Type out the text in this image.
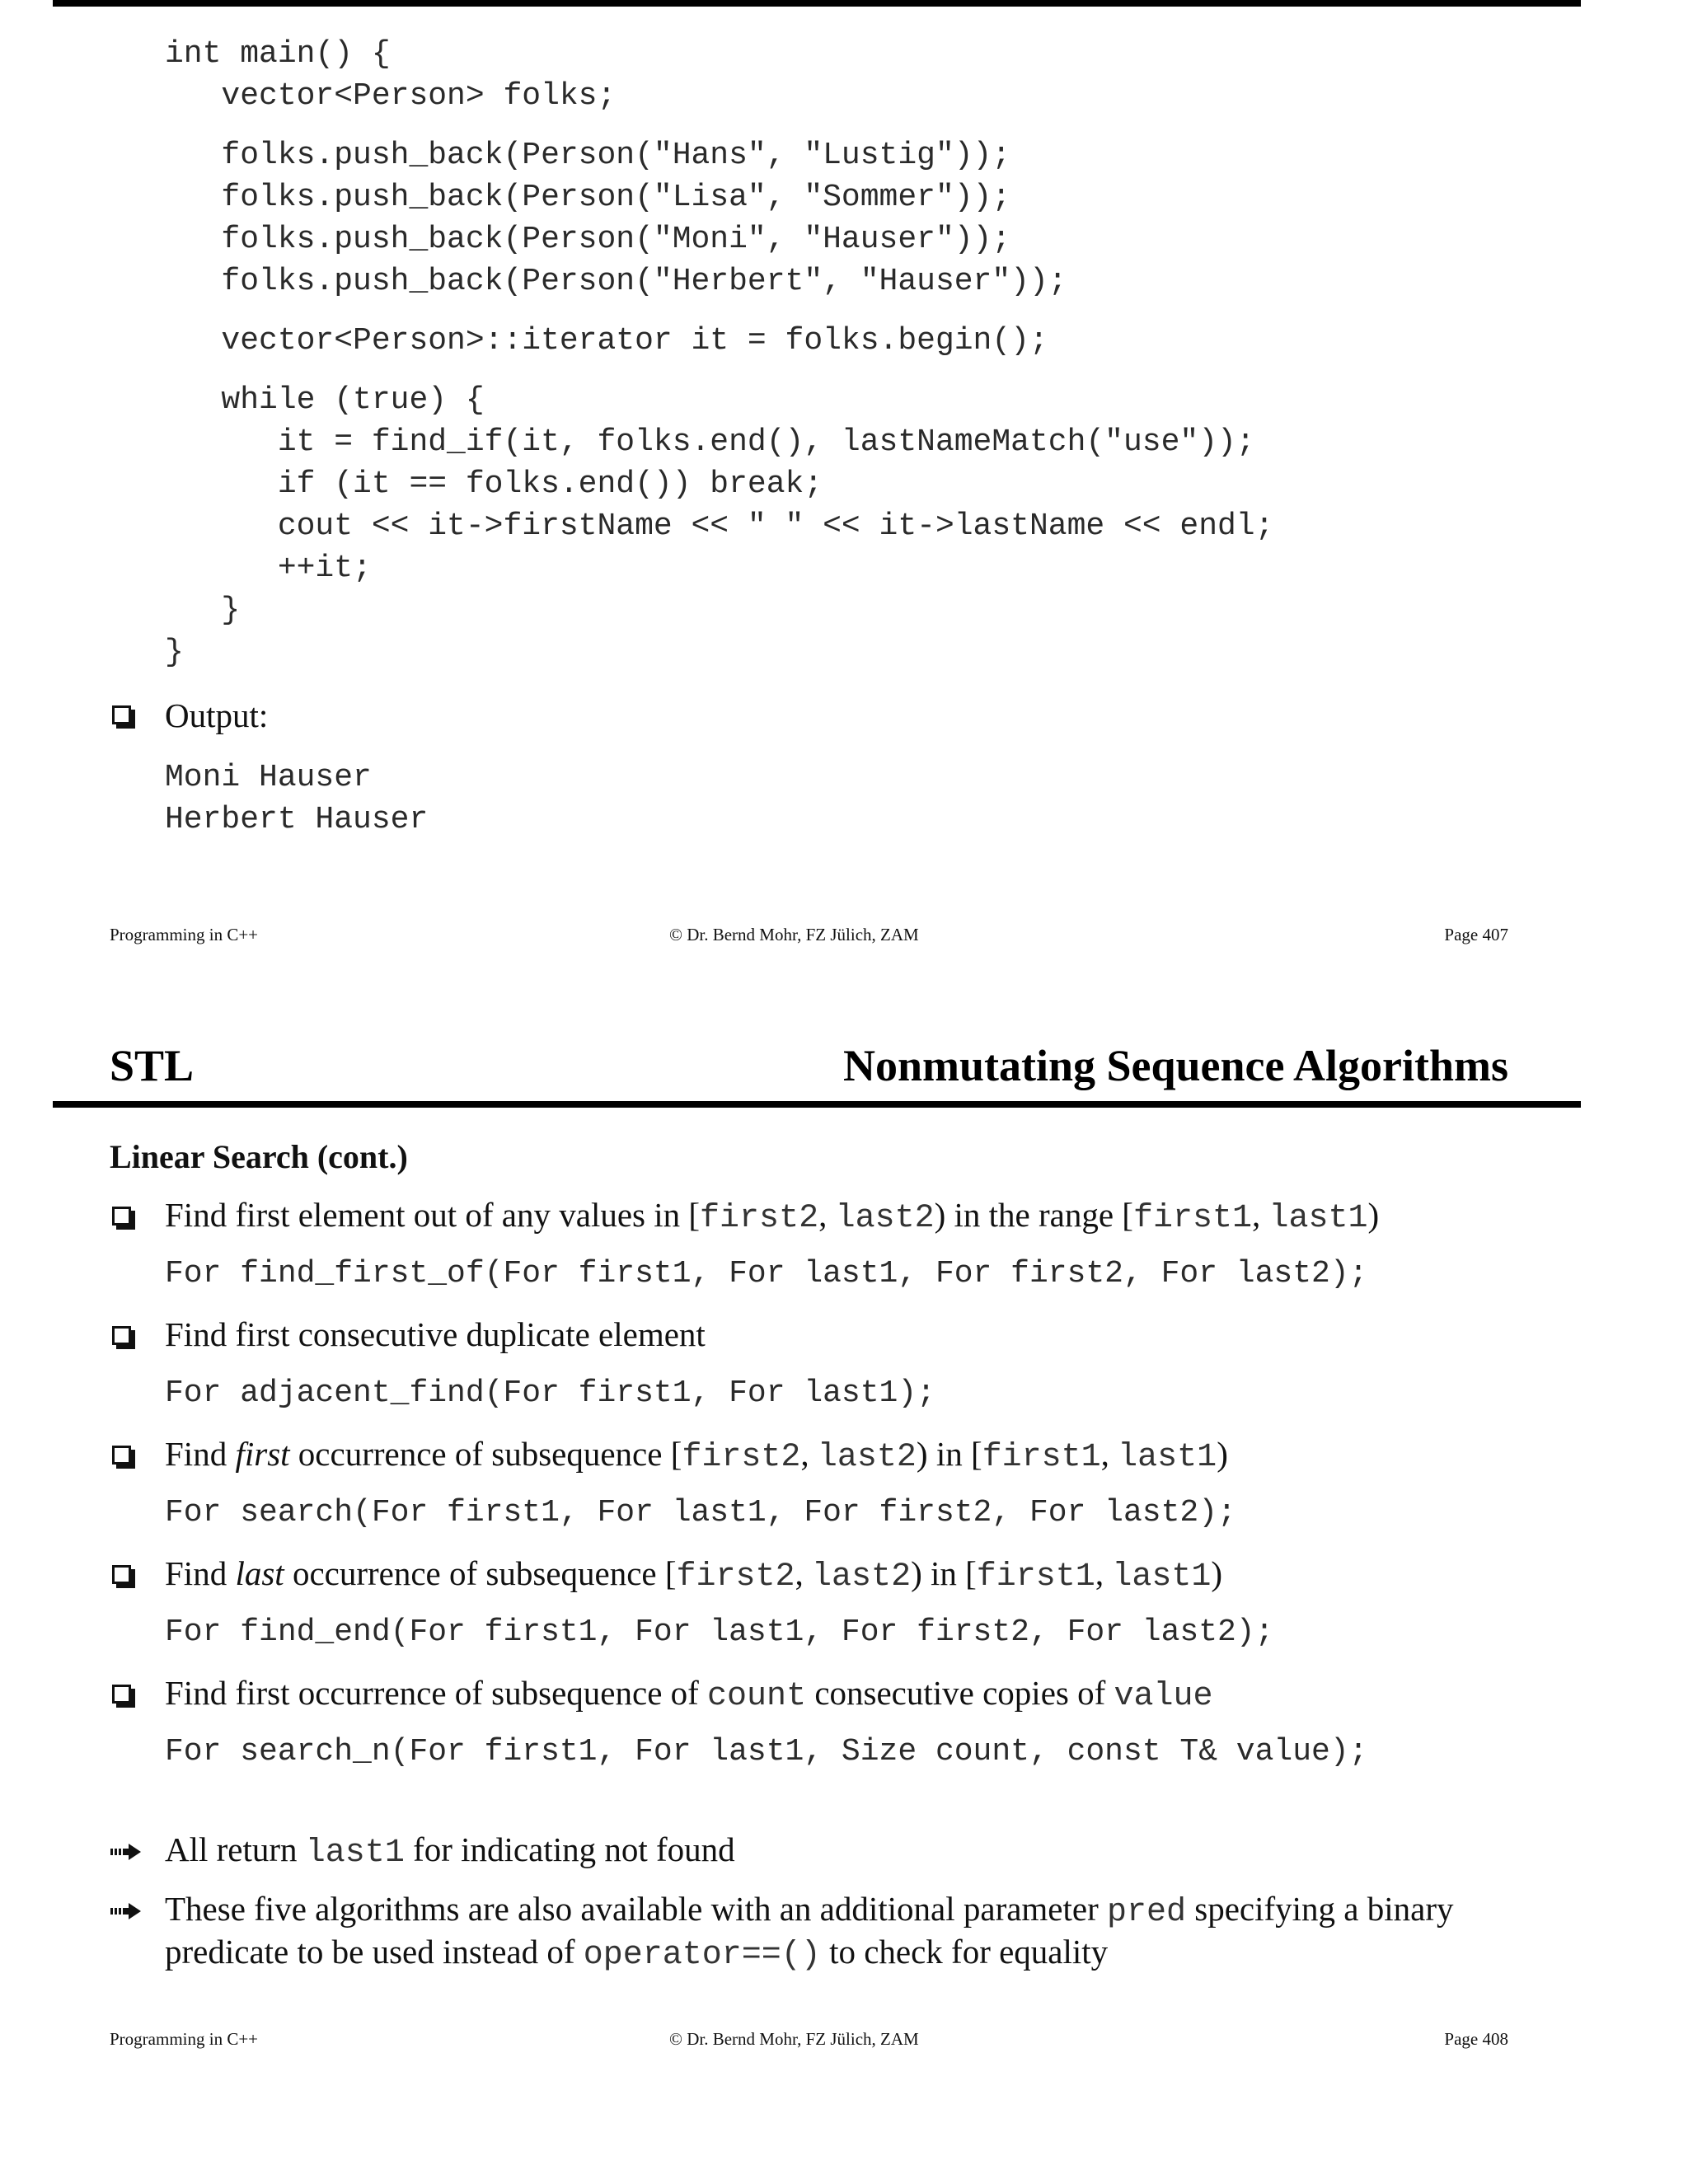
int main() {
vector<Person> folks;
folks.push_back(Person("Hans", "Lustig"));
folks.push_back(Person("Lisa", "Sommer"));
folks.push_back(Person("Moni", "Hauser"));
folks.push_back(Person("Herbert", "Hauser"));
vector<Person>::iterator it = folks.begin();
while (true) {
it = find_if(it, folks.end(), lastNameMatch("use"));
if (it == folks.end()) break;
cout << it->firstName << " " << it->lastName << endl;
++it;
}
}
Output:
Moni Hauser
Herbert Hauser
Programming in C++	© Dr. Bernd Mohr, FZ Jülich, ZAM	Page 407
STL	Nonmutating Sequence Algorithms
Linear Search (cont.)
Find first element out of any values in [first2, last2) in the range [first1, last1)
For find_first_of(For first1, For last1, For first2, For last2);
Find first consecutive duplicate element
For adjacent_find(For first1, For last1);
Find first occurrence of subsequence [first2, last2) in [first1, last1)
For search(For first1, For last1, For first2, For last2);
Find last occurrence of subsequence [first2, last2) in [first1, last1)
For find_end(For first1, For last1, For first2, For last2);
Find first occurrence of subsequence of count consecutive copies of value
For search_n(For first1, For last1, Size count, const T& value);
All return last1 for indicating not found
These five algorithms are also available with an additional parameter pred specifying a binary
predicate to be used instead of operator==() to check for equality
Programming in C++	© Dr. Bernd Mohr, FZ Jülich, ZAM	Page 408
